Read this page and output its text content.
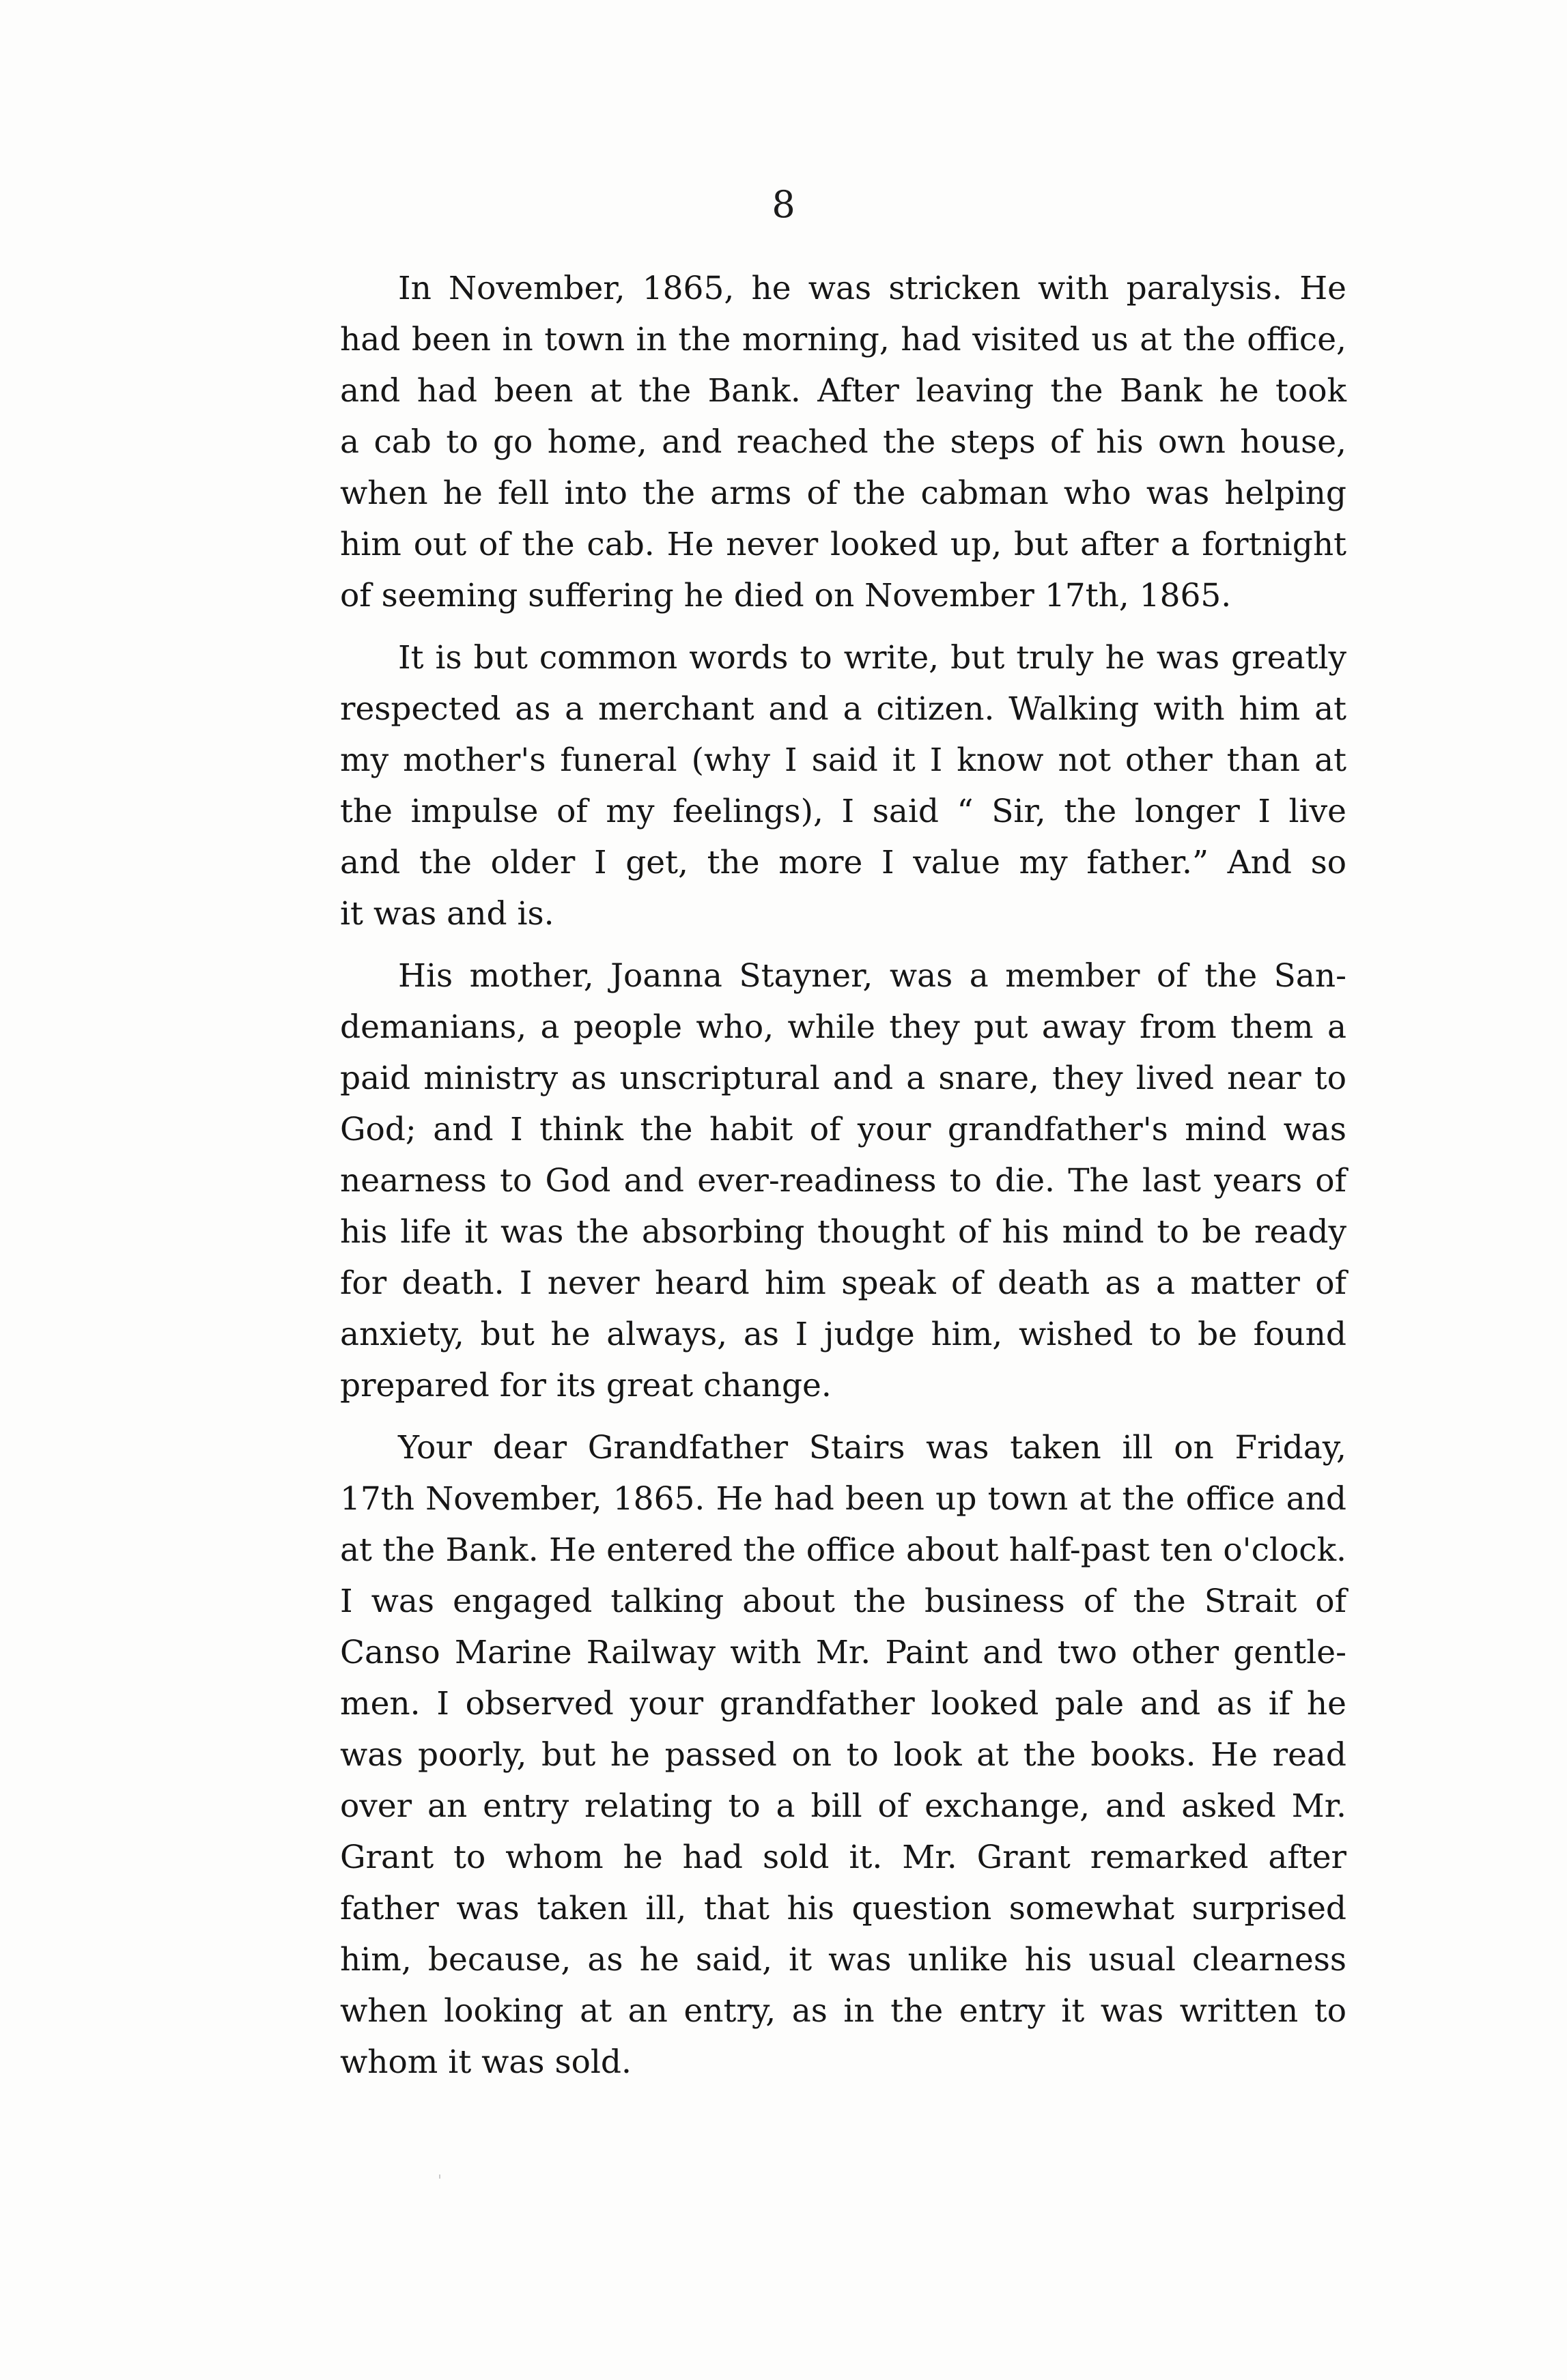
8

In November, 1865, he was stricken with paralysis. He
had been in town in the morning, had visited us at the office,
and had been at the Bank. After leaving the Bank he took
a cab to go home, and reached the steps of his own house,
when he fell into the arms of the cabman who was helping
him out of the cab. He never looked up, but after a fortnight
of seeming suffering he died on November 17th, 1865.

It is but common words to write, but truly he was greatly
respected as a merchant and a citizen. Walking with him at
my mother's funeral (why I said it I know not other than at
the impulse of my feelings), I said “ Sir, the longer I live
and the older I get, the more I value my father.” And so
it was and is.

His mother, Joanna Stayner, was a member of the San-
demanians, a people who, while they put away from them a
paid ministry as unscriptural and a snare, they lived near to
God; and I think the habit of your grandfather's mind was
nearness to God and ever-readiness to die. The last years of
his life it was the absorbing thought of his mind to be ready
for death. I never heard him speak of death as a matter of
anxiety, but he always, as I judge him, wished to be found
prepared for its great change.

Your dear Grandfather Stairs was taken ill on Friday,
17th November, 1865. He had been up town at the office and
at the Bank. He entered the office about half-past ten o'clock.
I was engaged talking about the business of the Strait of
Canso Marine Railway with Mr. Paint and two other gentle-
men. I observed your grandfather looked pale and as if he
was poorly, but he passed on to look at the books. He read
over an entry relating to a bill of exchange, and asked Mr.
Grant to whom he had sold it. Mr. Grant remarked after
father was taken ill, that his question somewhat surprised
him, because, as he said, it was unlike his usual clearness
when looking at an entry, as in the entry it was written to
whom it was sold.
